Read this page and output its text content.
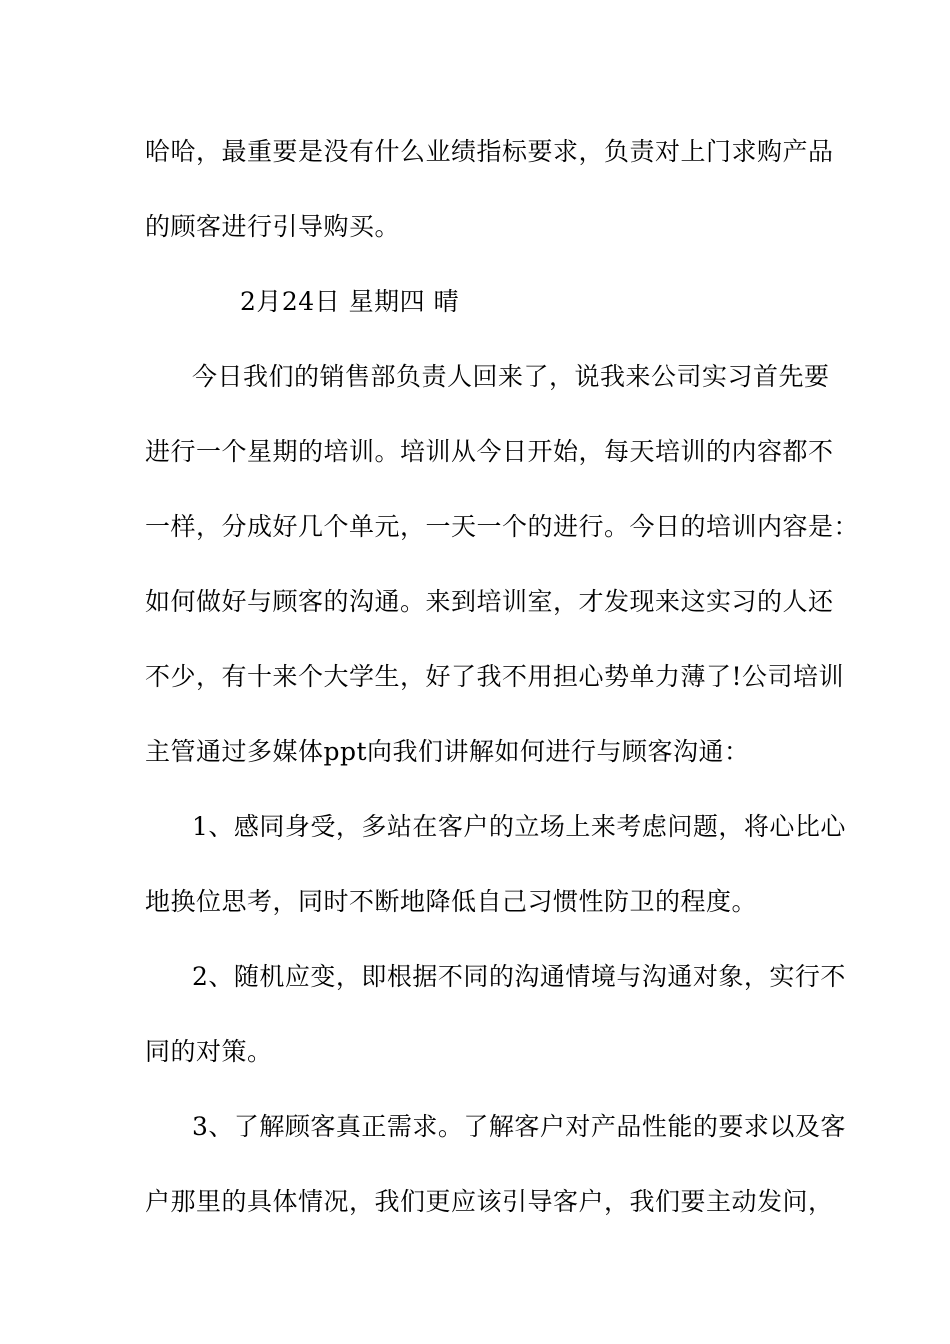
哈哈，最重要是没有什么业绩指标要求，负责对上门求购产品
的顾客进行引导购买。
2月24日 星期四 晴
今日我们的销售部负责人回来了，说我来公司实习首先要
进行一个星期的培训。培训从今日开始，每天培训的内容都不
一样，分成好几个单元，一天一个的进行。今日的培训内容是：
如何做好与顾客的沟通。来到培训室，才发现来这实习的人还
不少，有十来个大学生，好了我不用担心势单力薄了!公司培训
主管通过多媒体ppt向我们讲解如何进行与顾客沟通：
1、感同身受，多站在客户的立场上来考虑问题，将心比心
地换位思考，同时不断地降低自己习惯性防卫的程度。
2、随机应变，即根据不同的沟通情境与沟通对象，实行不
同的对策。
3、了解顾客真正需求。了解客户对产品性能的要求以及客
户那里的具体情况，我们更应该引导客户，我们要主动发问，
